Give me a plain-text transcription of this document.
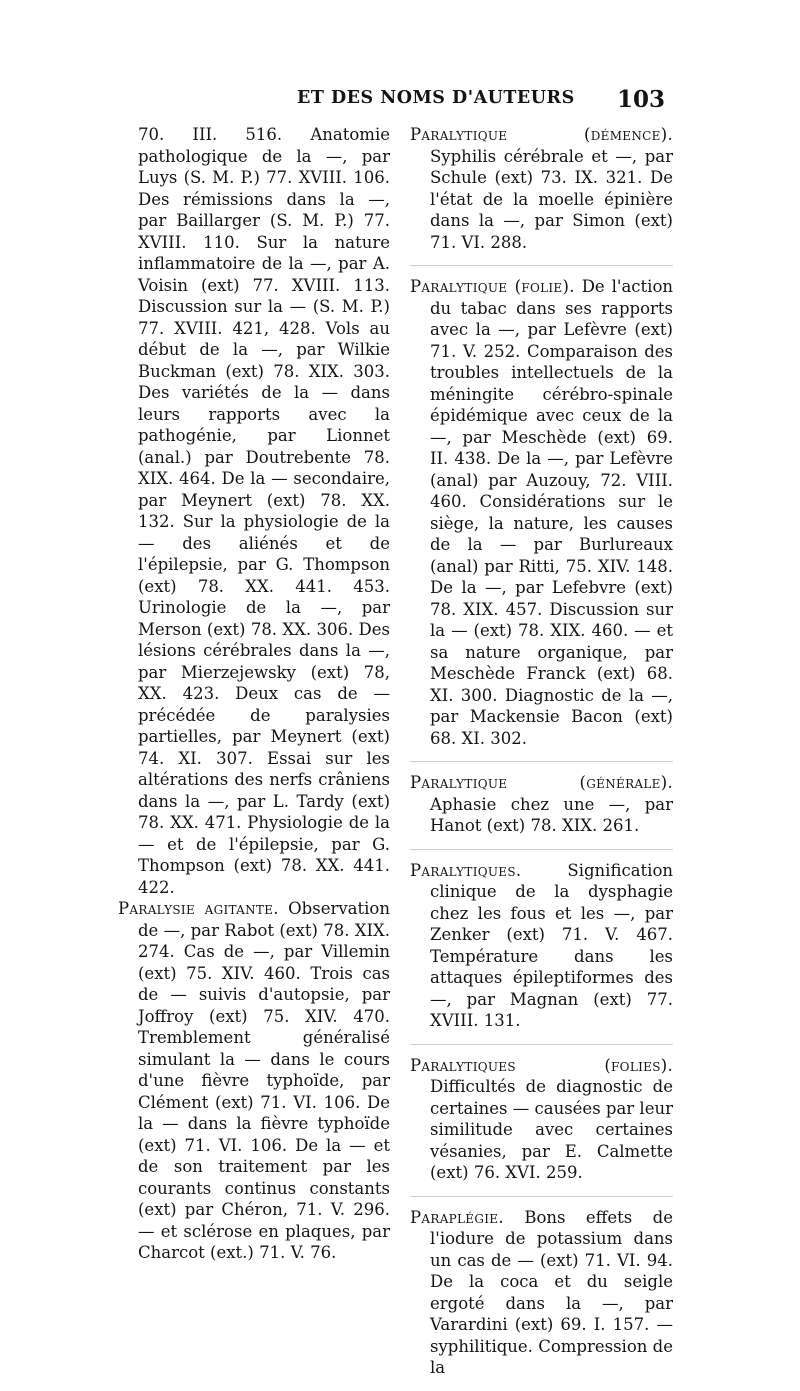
ET DES NOMS D'AUTEURS 103

70. III. 516. Anatomie pathologique de la —, par Luys (S. M. P.) 77. XVIII. 106. Des rémissions dans la —, par Baillarger (S. M. P.) 77. XVIII. 110. Sur la nature inflammatoire de la —, par A. Voisin (ext) 77. XVIII. 113. Discussion sur la — (S. M. P.) 77. XVIII. 421, 428. Vols au début de la —, par Wilkie Buckman (ext) 78. XIX. 303. Des variétés de la — dans leurs rapports avec la pathogénie, par Lionnet (anal.) par Doutrebente 78. XIX. 464. De la — secondaire, par Meynert (ext) 78. XX. 132. Sur la physiologie de la — des aliénés et de l'épilepsie, par G. Thompson (ext) 78. XX. 441. 453. Urinologie de la —, par Merson (ext) 78. XX. 306. Des lésions cérébrales dans la —, par Mierzejewsky (ext) 78, XX. 423. Deux cas de — précédée de paralysies partielles, par Meynert (ext) 74. XI. 307. Essai sur les altérations des nerfs crâniens dans la —, par L. Tardy (ext) 78. XX. 471. Physiologie de la — et de l'épilepsie, par G. Thompson (ext) 78. XX. 441. 422.

Paralysie agitante. Observation de —, par Rabot (ext) 78. XIX. 274. Cas de —, par Villemin (ext) 75. XIV. 460. Trois cas de — suivis d'autopsie, par Joffroy (ext) 75. XIV. 470. Tremblement généralisé simulant la — dans le cours d'une fièvre typhoïde, par Clément (ext) 71. VI. 106. De la — dans la fièvre typhoïde (ext) 71. VI. 106. De la — et de son traitement par les courants continus constants (ext) par Chéron, 71. V. 296. — et sclérose en plaques, par Charcot (ext.) 71. V. 76.

Paralytique (démence). Syphilis cérébrale et —, par Schule (ext) 73. IX. 321. De l'état de la moelle épinière dans la —, par Simon (ext) 71. VI. 288.

Paralytique (folie). De l'action du tabac dans ses rapports avec la —, par Lefèvre (ext) 71. V. 252. Comparaison des troubles intellectuels de la méningite cérébro-spinale épidémique avec ceux de la —, par Meschède (ext) 69. II. 438. De la —, par Lefèvre (anal) par Auzouy, 72. VIII. 460. Considérations sur le siège, la nature, les causes de la — par Burlureaux (anal) par Ritti, 75. XIV. 148. De la —, par Lefebvre (ext) 78. XIX. 457. Discussion sur la — (ext) 78. XIX. 460. — et sa nature organique, par Meschède Franck (ext) 68. XI. 300. Diagnostic de la —, par Mackensie Bacon (ext) 68. XI. 302.

Paralytique (générale). Aphasie chez une —, par Hanot (ext) 78. XIX. 261.

Paralytiques. Signification clinique de la dysphagie chez les fous et les —, par Zenker (ext) 71. V. 467. Température dans les attaques épileptiformes des —, par Magnan (ext) 77. XVIII. 131.

Paralytiques (folies). Difficultés de diagnostic de certaines — causées par leur similitude avec certaines vésanies, par E. Calmette (ext) 76. XVI. 259.

Paraplégie. Bons effets de l'iodure de potassium dans un cas de — (ext) 71. VI. 94. De la coca et du seigle ergoté dans la —, par Varardini (ext) 69. I. 157. — syphilitique. Compression de la
